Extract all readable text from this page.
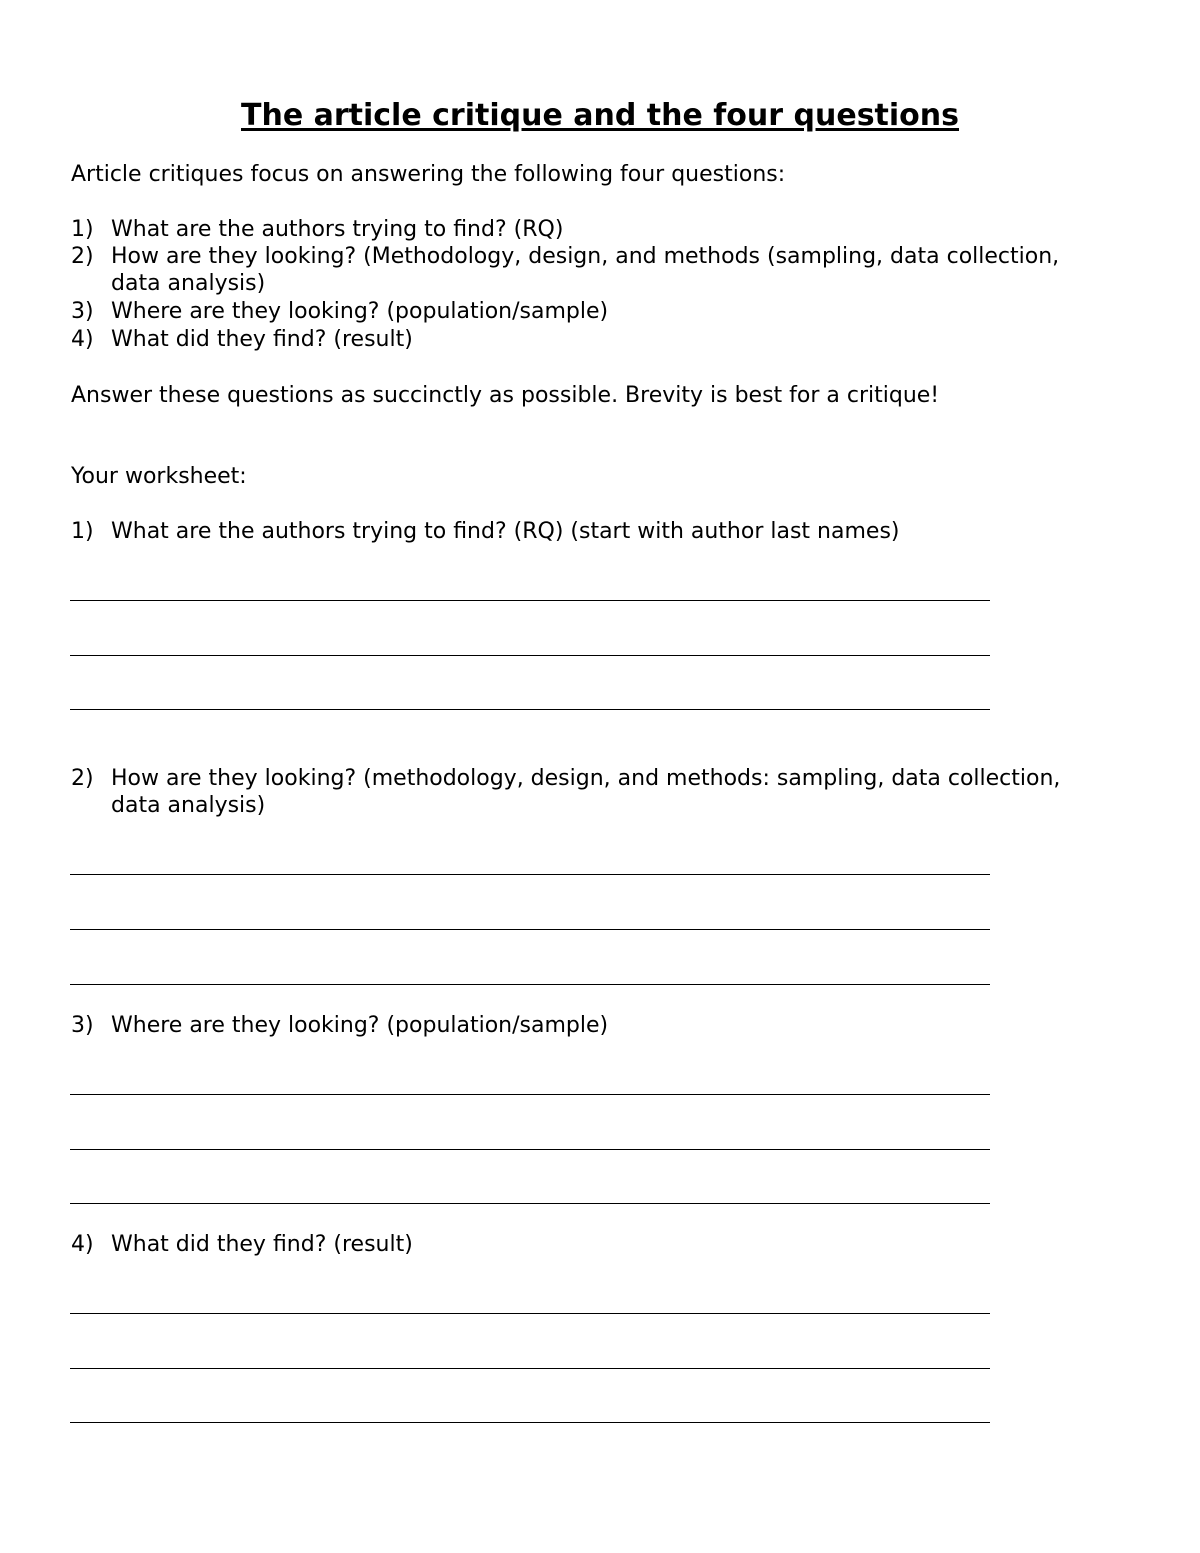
The article critique and the four questions

Article critiques focus on answering the following four questions:

1) What are the authors trying to find? (RQ)
2) How are they looking? (Methodology, design, and methods (sampling, data collection,
data analysis)
3) Where are they looking? (population/sample)
4) What did they find? (result)

Answer these questions as succinctly as possible. Brevity is best for a critique!

Your worksheet:

1) What are the authors trying to find? (RQ) (start with author last names)
2) How are they looking? (methodology, design, and methods: sampling, data collection,
data analysis)
3) Where are they looking? (population/sample)
4) What did they find? (result)
